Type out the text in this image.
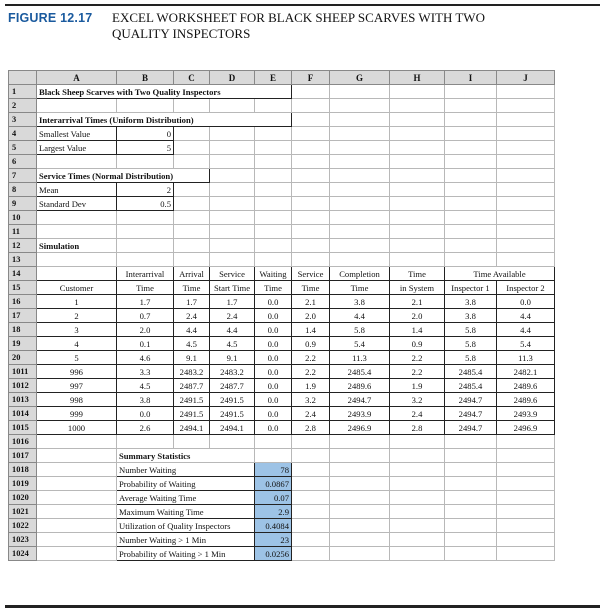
FIGURE 12.17 EXCEL WORKSHEET FOR BLACK SHEEP SCARVES WITH TWO
QUALITY INSPECTORS
	A	B	C	D	E	F	G	H	I	J
1	Black Sheep Scarves with Two Quality Inspectors									
2										
3	Interarrival Times (Uniform Distribution)									
4	Smallest Value	0								
5	Largest Value	5								
6										
7	Service Times (Normal Distribution)									
8	Mean	2								
9	Standard Dev	0.5								
10										
11										
12	Simulation									
13										
14		Interarrival	Arrival	Service	Waiting	Service	Completion	Time	Time Available	
15	Customer	Time	Time	Start Time	Time	Time	Time	in System	Inspector 1	Inspector 2
16	1	1.7	1.7	1.7	0.0	2.1	3.8	2.1	3.8	0.0
17	2	0.7	2.4	2.4	0.0	2.0	4.4	2.0	3.8	4.4
18	3	2.0	4.4	4.4	0.0	1.4	5.8	1.4	5.8	4.4
19	4	0.1	4.5	4.5	0.0	0.9	5.4	0.9	5.8	5.4
20	5	4.6	9.1	9.1	0.0	2.2	11.3	2.2	5.8	11.3
1011	996	3.3	2483.2	2483.2	0.0	2.2	2485.4	2.2	2485.4	2482.1
1012	997	4.5	2487.7	2487.7	0.0	1.9	2489.6	1.9	2485.4	2489.6
1013	998	3.8	2491.5	2491.5	0.0	3.2	2494.7	3.2	2494.7	2489.6
1014	999	0.0	2491.5	2491.5	0.0	2.4	2493.9	2.4	2494.7	2493.9
1015	1000	2.6	2494.1	2494.1	0.0	2.8	2496.9	2.8	2494.7	2496.9
1016										
1017		Summary Statistics								
1018		Number Waiting			78					
1019		Probability of Waiting			0.0867					
1020		Average Waiting Time			0.07					
1021		Maximum Waiting Time			2.9					
1022		Utilization of Quality Inspectors			0.4084					
1023		Number Waiting > 1 Min			23					
1024		Probability of Waiting > 1 Min			0.0256					
